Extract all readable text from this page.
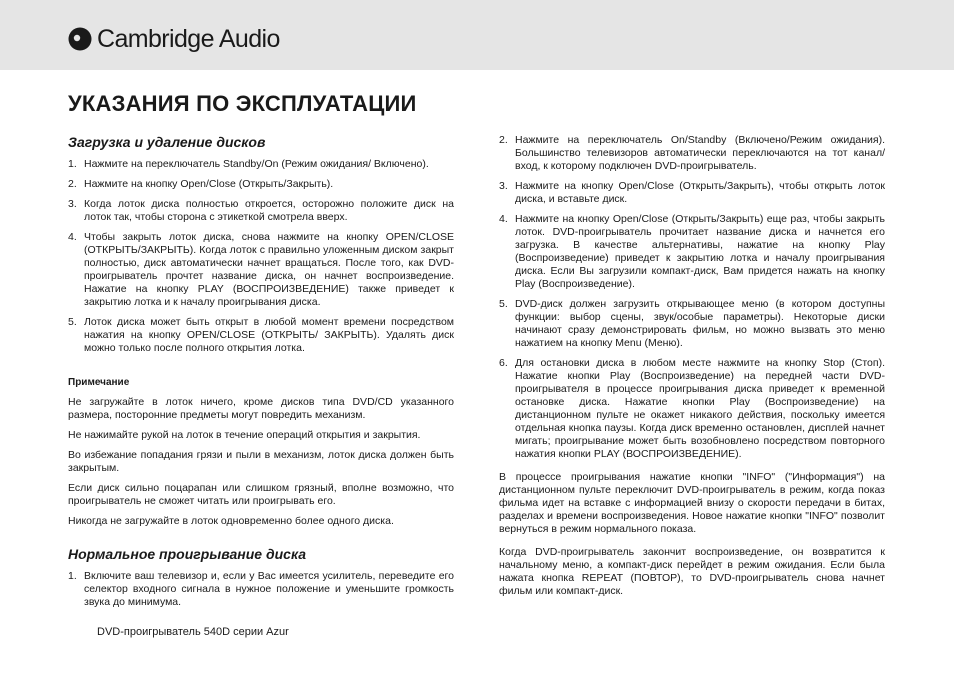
Cambridge Audio
УКАЗАНИЯ ПО ЭКСПЛУАТАЦИИ
Загрузка и удаление дисков
1. Нажмите на переключатель Standby/On (Режим ожидания/ Включено).
2. Нажмите на кнопку Open/Close (Открыть/Закрыть).
3. Когда лоток диска полностью откроется, осторожно положите диск на лоток так, чтобы сторона с этикеткой смотрела вверх.
4. Чтобы закрыть лоток диска, снова нажмите на кнопку OPEN/CLOSE (ОТКРЫТЬ/ЗАКРЫТЬ). Когда лоток с правильно уложенным диском закрыт полностью, диск автоматически начнет вращаться. После того, как DVD-проигрыватель прочтет название диска, он начнет воспроизведение. Нажатие на кнопку PLAY (ВОСПРОИЗВЕДЕНИЕ) также приведет к закрытию лотка и к началу проигрывания диска.
5. Лоток диска может быть открыт в любой момент времени посредством нажатия на кнопку OPEN/CLOSE (ОТКРЫТЬ/ ЗАКРЫТЬ). Удалять диск можно только после полного открытия лотка.
Примечание

Не загружайте в лоток ничего, кроме дисков типа DVD/CD указанного размера, посторонние предметы могут повредить механизм.

Не нажимайте рукой на лоток в течение операций открытия и закрытия.

Во избежание попадания грязи и пыли в механизм, лоток диска должен быть закрытым.

Если диск сильно поцарапан или слишком грязный, вполне возможно, что проигрыватель не сможет читать или проигрывать его.

Никогда не загружайте в лоток одновременно более одного диска.

Нормальное проигрывание диска
1. Включите ваш телевизор и, если у Вас имеется усилитель, переведите его селектор входного сигнала в нужное положение и уменьшите громкость звука до минимума.
2. Нажмите на переключатель On/Standby (Включено/Режим ожидания). Большинство телевизоров автоматически переключаются на тот канал/вход, к которому подключен DVD-проигрыватель.
3. Нажмите на кнопку Open/Close (Открыть/Закрыть), чтобы открыть лоток диска, и вставьте диск.
4. Нажмите на кнопку Open/Close (Открыть/Закрыть) еще раз, чтобы закрыть лоток. DVD-проигрыватель прочитает название диска и начнется его загрузка. В качестве альтернативы, нажатие на кнопку Play (Воспроизведение) приведет к закрытию лотка и началу проигрывания диска. Если Вы загрузили компакт-диск, Вам придется нажать на кнопку Play (Воспроизведение).
5. DVD-диск должен загрузить открывающее меню (в котором доступны функции: выбор сцены, звук/особые параметры). Некоторые диски начинают сразу демонстрировать фильм, но можно вызвать это меню нажатием на кнопку Menu (Меню).
6. Для остановки диска в любом месте нажмите на кнопку Stop (Стоп). Нажатие кнопки Play (Воспроизведение) на передней части DVD-проигрывателя в процессе проигрывания диска приведет к временной остановке диска. Нажатие кнопки Play (Воспроизведение) на дистанционном пульте не окажет никакого действия, поскольку имеется отдельная кнопка паузы. Когда диск временно остановлен, дисплей начнет мигать; проигрывание может быть возобновлено посредством повторного нажатия кнопки PLAY (ВОСПРОИЗВЕДЕНИЕ).

В процессе проигрывания нажатие кнопки "INFO" ("Информация") на дистанционном пульте переключит DVD-проигрыватель в режим, когда показ фильма идет на вставке с информацией внизу о скорости передачи в битах, разделах и времени воспроизведения. Новое нажатие кнопки "INFO" позволит вернуться в режим нормального показа.

Когда DVD-проигрыватель закончит воспроизведение, он возвратится к начальному меню, а компакт-диск перейдет в режим ожидания. Если была нажата кнопка REPEAT (ПОВТОР), то DVD-проигрыватель снова начнет фильм или компакт-диск.

DVD-проигрыватель 540D серии Azur
